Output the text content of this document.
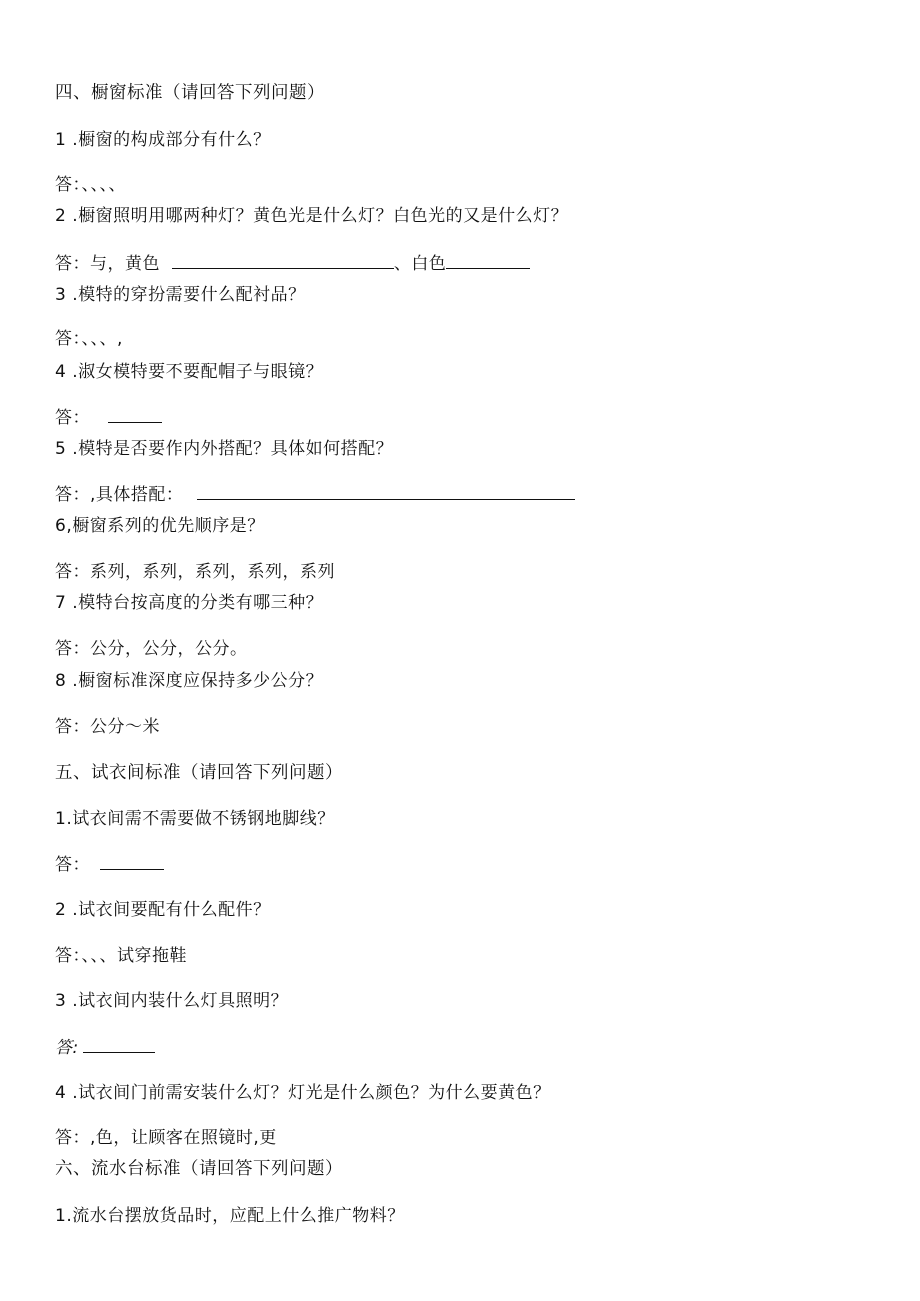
四、橱窗标准（请回答下列问题）
1 .橱窗的构成部分有什么？
答：、、、、
2 .橱窗照明用哪两种灯？黄色光是什么灯？白色光的又是什么灯？
答：与，黄色	、白色
3 .模特的穿扮需要什么配衬品？
答：、、、,
4 .淑女模特要不要配帽子与眼镜？
答：
5 .模特是否要作内外搭配？具体如何搭配？
答：,具体搭配：
6,橱窗系列的优先顺序是？
答：系列，系列，系列，系列，系列
7 .模特台按高度的分类有哪三种？
答：公分，公分，公分。
8 .橱窗标准深度应保持多少公分？
答：公分～米
五、试衣间标准（请回答下列问题）
1.试衣间需不需要做不锈钢地脚线？
答：
2 .试衣间要配有什么配件？
答：、、、试穿拖鞋
3 .试衣间内装什么灯具照明？
答:
4 .试衣间门前需安装什么灯？灯光是什么颜色？为什么要黄色？
答：,色，让顾客在照镜时,更
六、流水台标准（请回答下列问题）
1.流水台摆放货品时，应配上什么推广物料？
